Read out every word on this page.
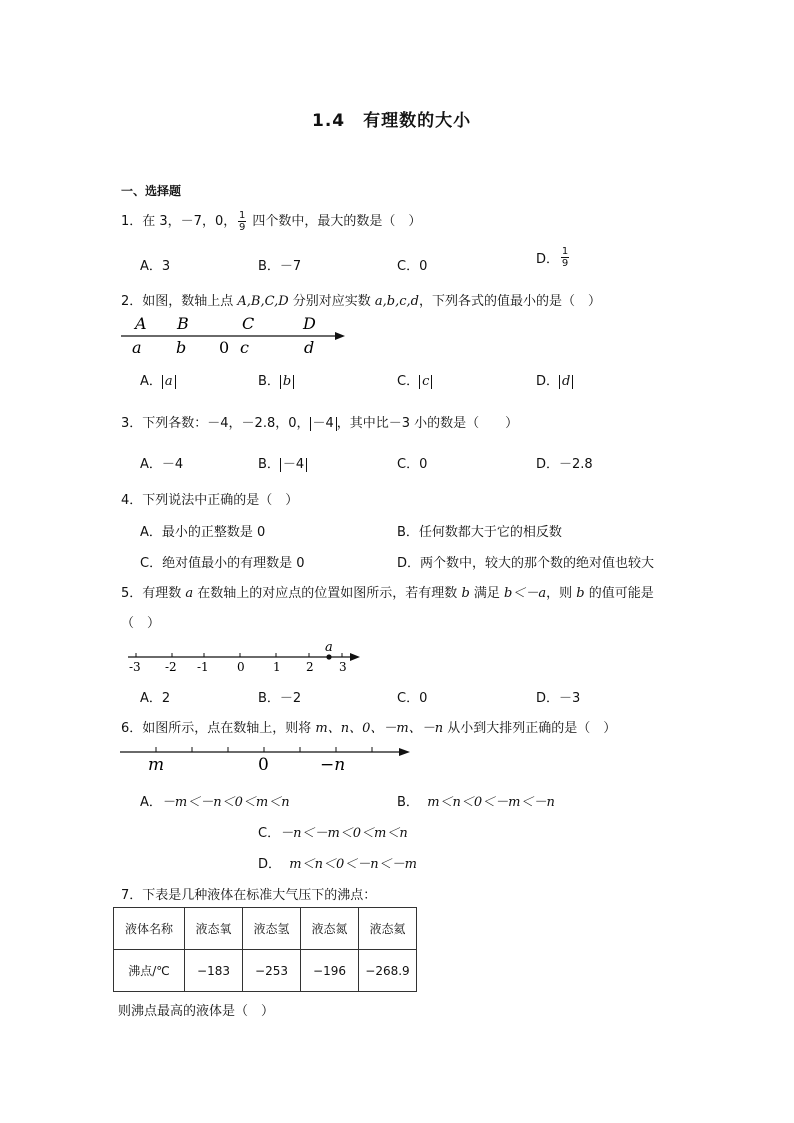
1.4　有理数的大小
一、选择题
1．在 3，－7，0， $\frac{1}{9}$ 四个数中，最大的数是（　）
A．3	B．－7	C．0	D． $\frac{1}{9}$
2．如图，数轴上点 A,B,C,D 分别对应实数 a,b,c,d，下列各式的值最小的是（　）
A B	C	D
a b 0 c	d
A． a	B． b	C． c	D． d
3．下列各数：－4，－2.8，0， －4 ，其中比－3 小的数是（　　）
A．－4	B． －4	C．0	D．－2.8
4．下列说法中正确的是（　）
A．最小的正整数是 0	B．任何数都大于它的相反数
C．绝对值最小的有理数是 0	D．两个数中，较大的那个数的绝对值也较大
5．有理数 a 在数轴上的对应点的位置如图所示，若有理数 b 满足 b＜－a，则 b 的值可能是
（　）
a
-3 -2 -1 0 1 2 3
A．2	B．－2	C．0	D．－3
6．如图所示，点在数轴上，则将 m、n、0、－m、－n 从小到大排列正确的是（　）
m	0	−n
A．－m＜－n＜0＜m＜n	B． m＜n＜0＜－m＜－n
C．－n＜－m＜0＜m＜n
D． m＜n＜0＜－n＜－m
7．下表是几种液体在标准大气压下的沸点：
液体名称	液态氧	液态氢	液态氮	液态氦
沸点/℃	−183	−253	−196	−268.9
则沸点最高的液体是（　）
